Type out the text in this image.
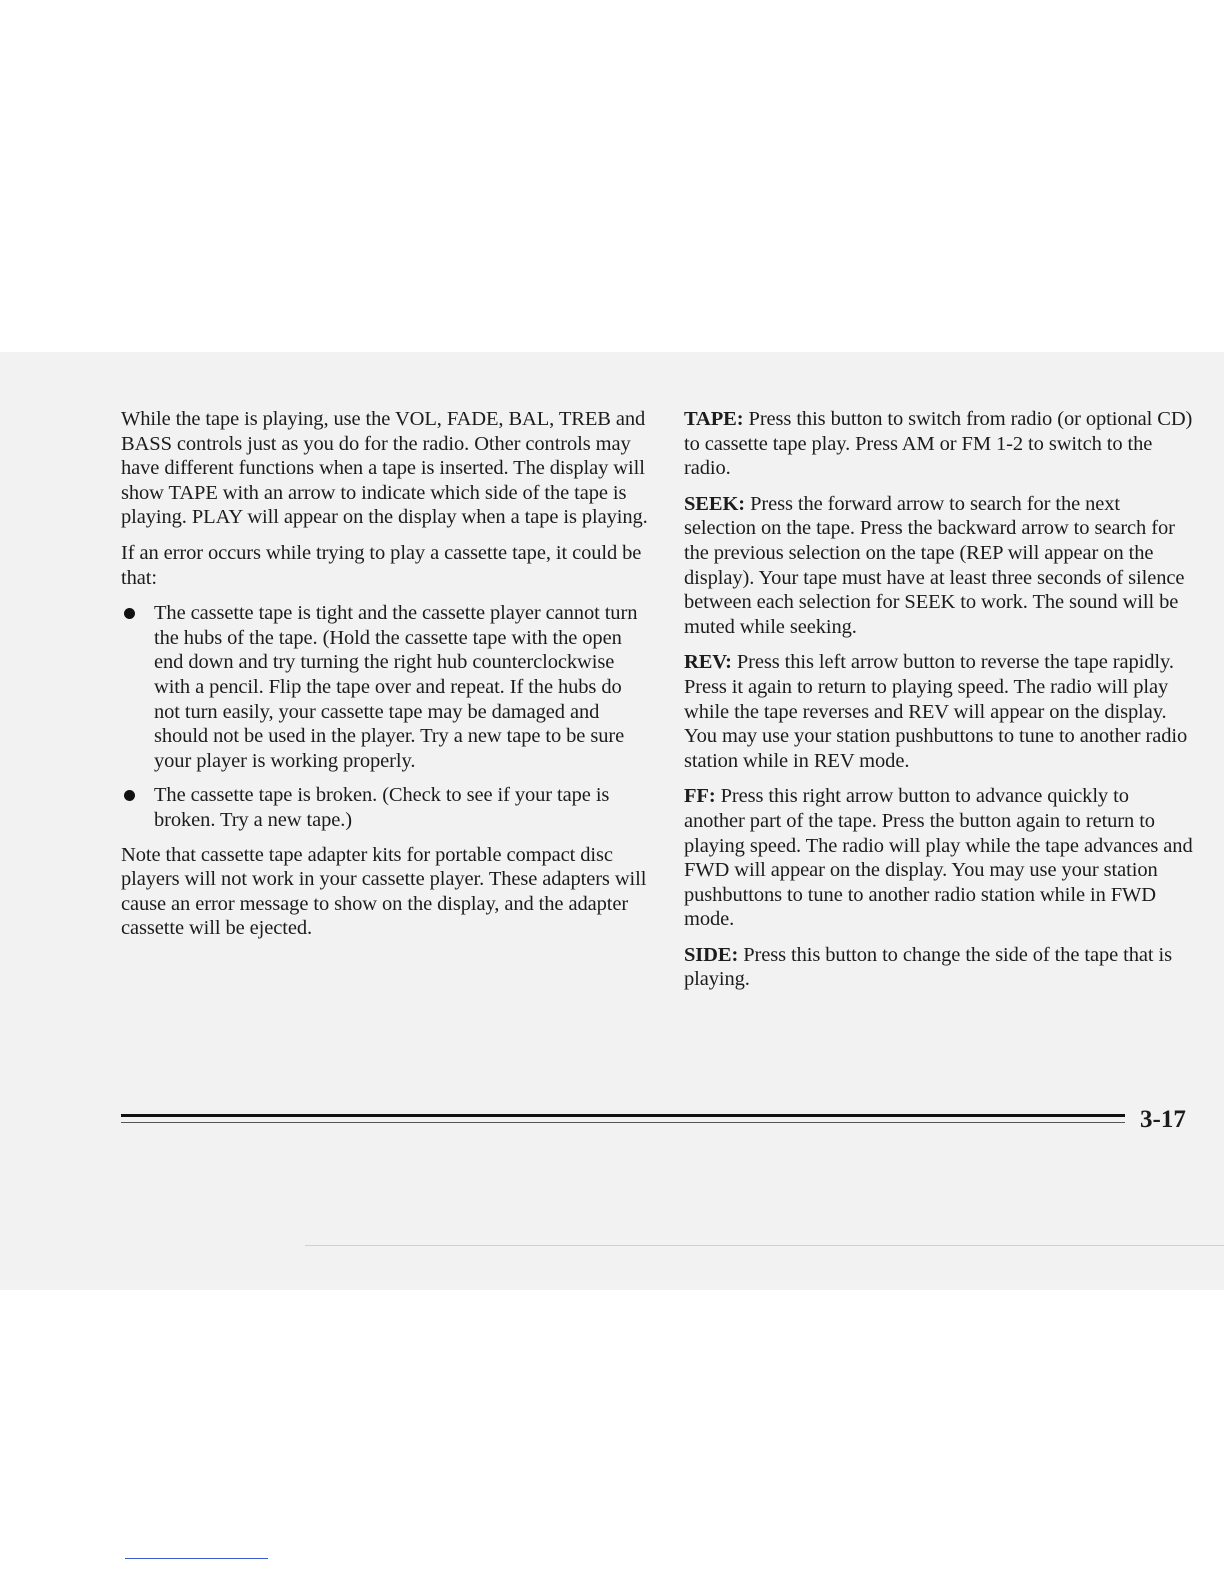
While the tape is playing, use the VOL, FADE, BAL, TREB and BASS controls just as you do for the radio. Other controls may have different functions when a tape is inserted. The display will show TAPE with an arrow to indicate which side of the tape is playing. PLAY will appear on the display when a tape is playing.

If an error occurs while trying to play a cassette tape, it could be that:

The cassette tape is tight and the cassette player cannot turn the hubs of the tape. (Hold the cassette tape with the open end down and try turning the right hub counterclockwise with a pencil. Flip the tape over and repeat. If the hubs do not turn easily, your cassette tape may be damaged and should not be used in the player. Try a new tape to be sure your player is working properly.
The cassette tape is broken. (Check to see if your tape is broken. Try a new tape.)

Note that cassette tape adapter kits for portable compact disc players will not work in your cassette player. These adapters will cause an error message to show on the display, and the adapter cassette will be ejected.

TAPE: Press this button to switch from radio (or optional CD) to cassette tape play. Press AM or FM 1-2 to switch to the radio.

SEEK: Press the forward arrow to search for the next selection on the tape. Press the backward arrow to search for the previous selection on the tape (REP will appear on the display). Your tape must have at least three seconds of silence between each selection for SEEK to work. The sound will be muted while seeking.

REV: Press this left arrow button to reverse the tape rapidly. Press it again to return to playing speed. The radio will play while the tape reverses and REV will appear on the display. You may use your station pushbuttons to tune to another radio station while in REV mode.

FF: Press this right arrow button to advance quickly to another part of the tape. Press the button again to return to playing speed. The radio will play while the tape advances and FWD will appear on the display. You may use your station pushbuttons to tune to another radio station while in FWD mode.

SIDE: Press this button to change the side of the tape that is playing.

3-17
